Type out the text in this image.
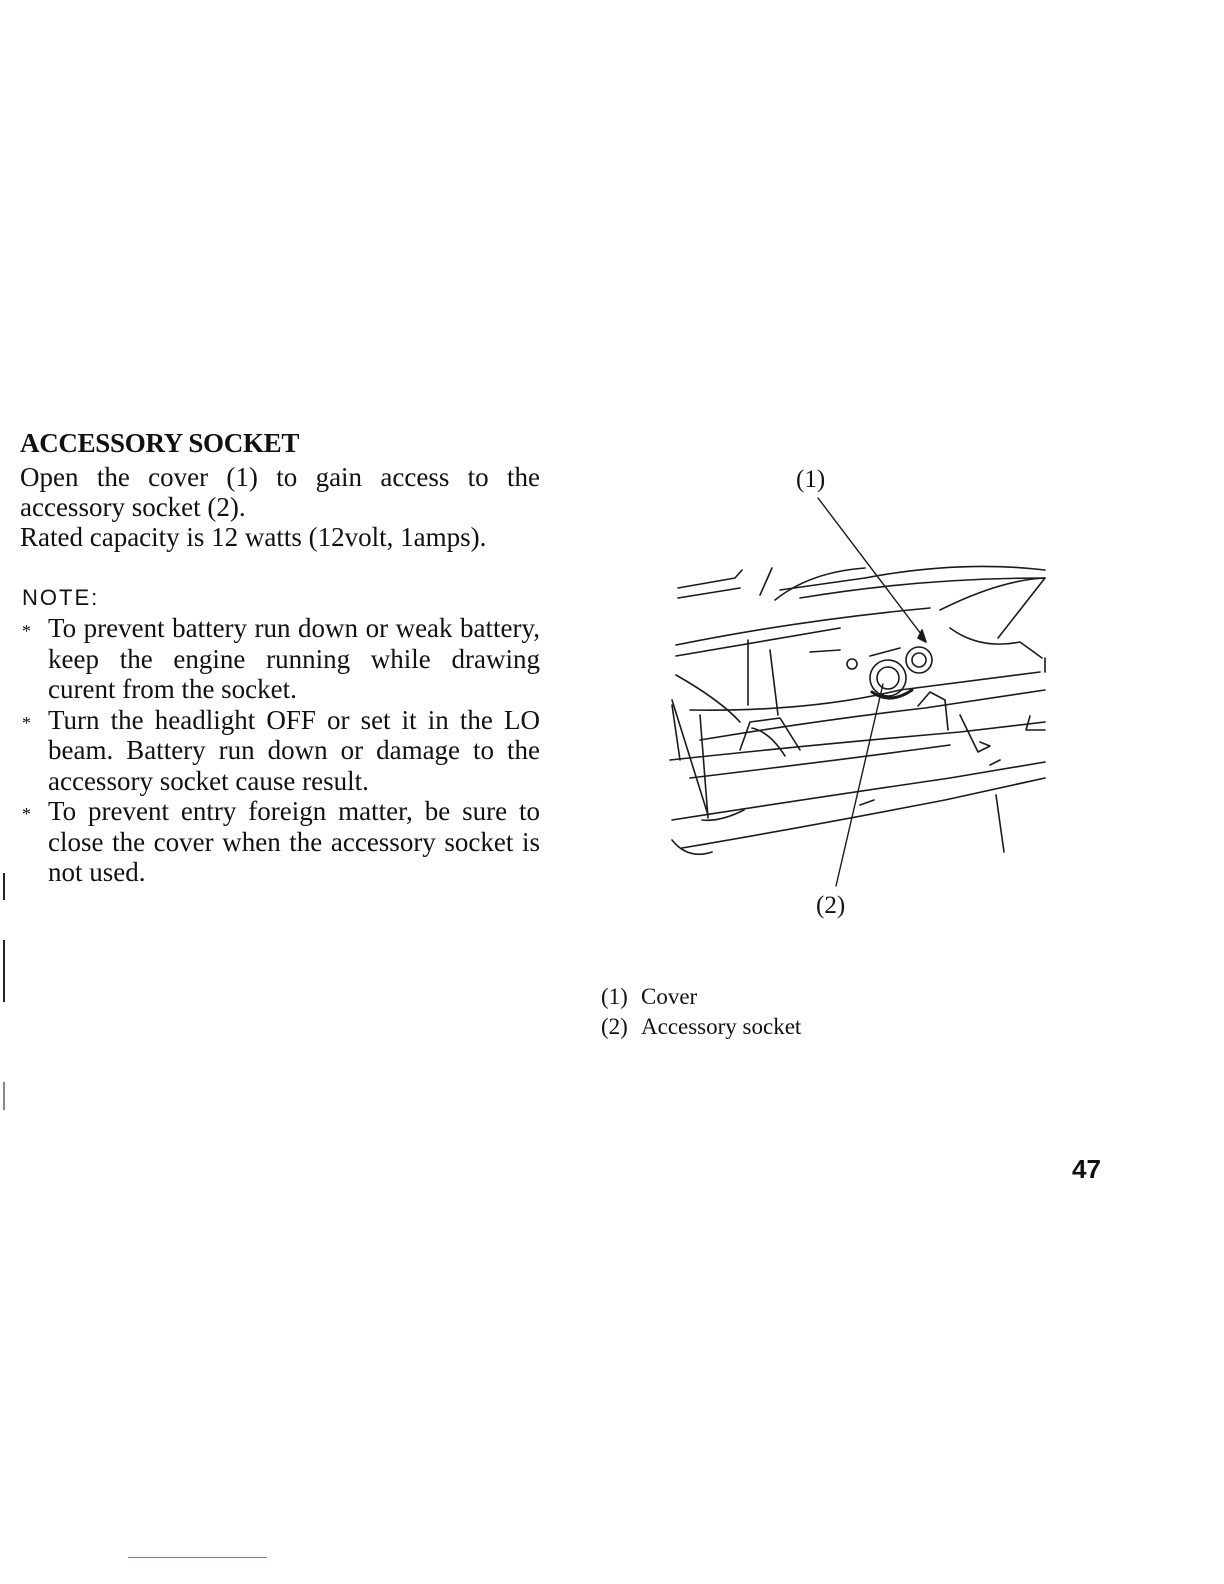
ACCESSORY SOCKET
Open the cover (1) to gain access to the
accessory socket (2).
Rated capacity is 12 watts (12volt, 1amps).
NOTE:
* To prevent battery run down or weak battery, keep the engine running while drawing curent from the socket.
* Turn the headlight OFF or set it in the LO beam. Battery run down or damage to the accessory socket cause result.
* To prevent entry foreign matter, be sure to close the cover when the accessory socket is not used.
(1)
(2)
(1) Cover
(2) Accessory socket
47
